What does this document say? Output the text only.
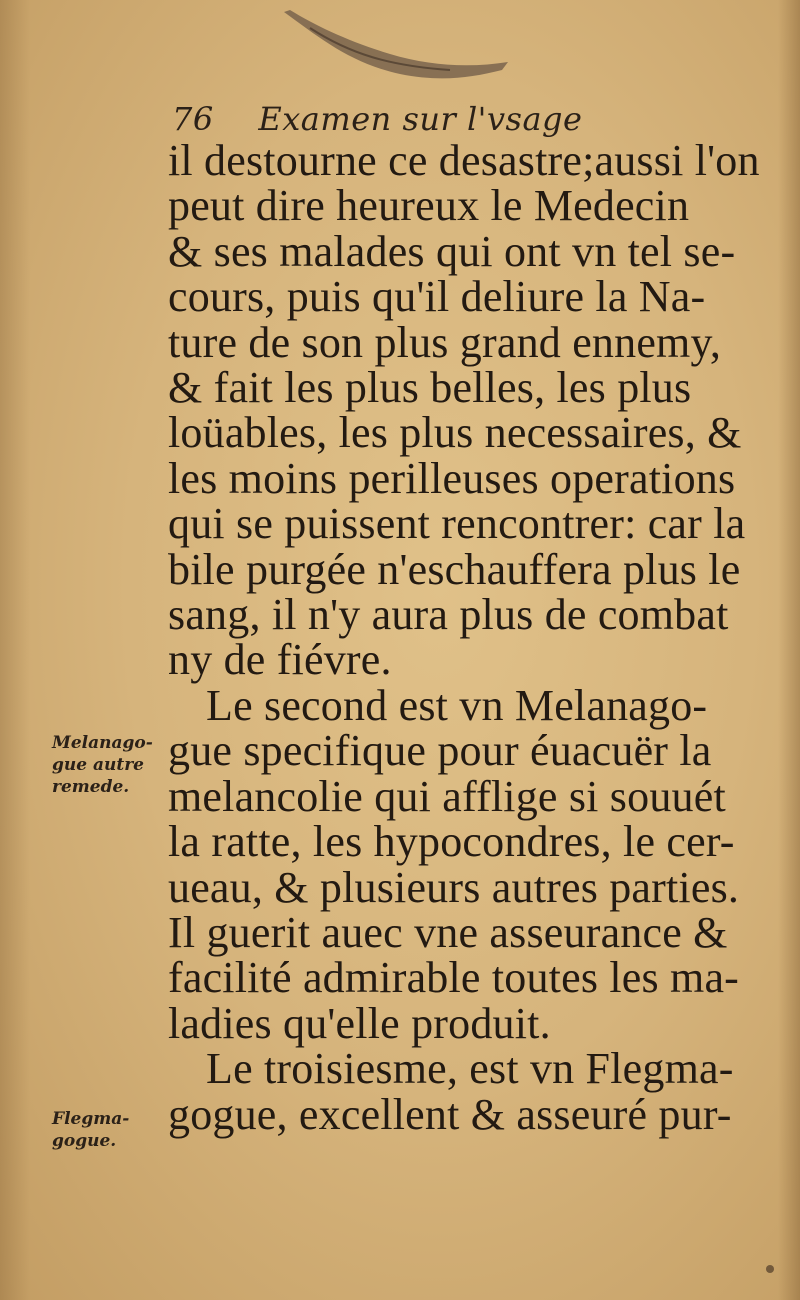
76 Examen sur l'vsage
il destourne ce desastre;aussi l'on
peut dire heureux le Medecin
& ses malades qui ont vn tel se-
cours, puis qu'il deliure la Na-
ture de son plus grand ennemy,
& fait les plus belles, les plus
loüables, les plus necessaires, &
les moins perilleuses operations
qui se puissent rencontrer: car la
bile purgée n'eschauffera plus le
sang, il n'y aura plus de combat
ny de fiévre.
Le second est vn Melanago-
gue specifique pour éuacuër la
melancolie qui afflige si souuét
la ratte, les hypocondres, le cer-
ueau, & plusieurs autres parties.
Il guerit auec vne asseurance &
facilité admirable toutes les ma-
ladies qu'elle produit.
Le troisiesme, est vn Flegma-
gogue, excellent & asseuré pur-
Melanago-
gue autre
remede.
Flegma-
gogue.
